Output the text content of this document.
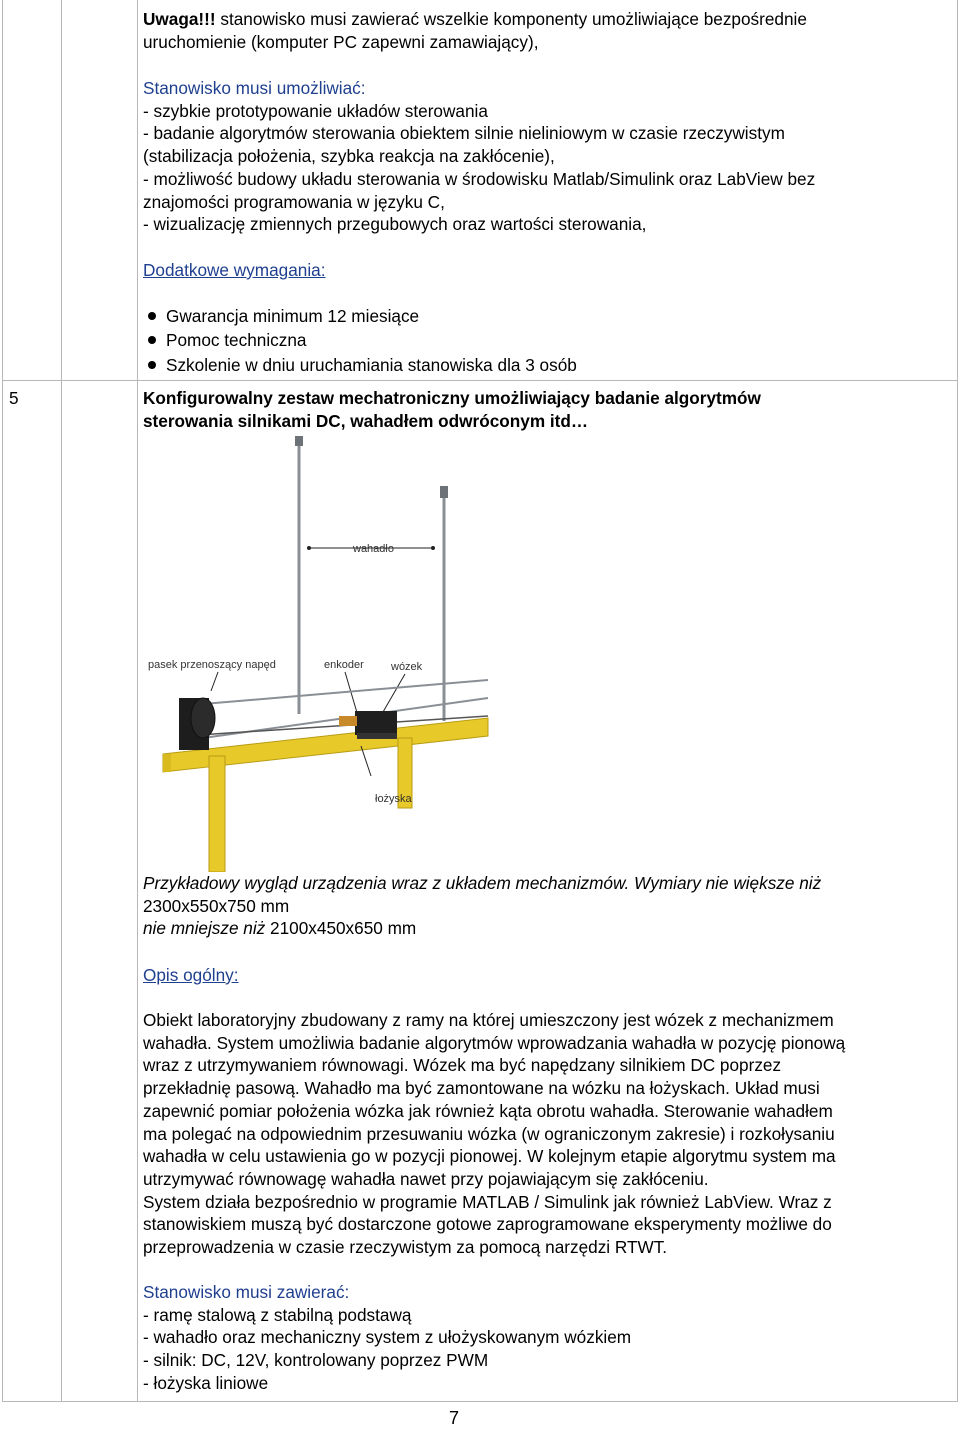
Uwaga!!! stanowisko musi zawierać wszelkie komponenty umożliwiające bezpośrednie
uruchomienie (komputer PC zapewni zamawiający),
Stanowisko musi umożliwiać:
- szybkie prototypowanie układów sterowania
- badanie algorytmów sterowania obiektem silnie nieliniowym w czasie rzeczywistym
(stabilizacja położenia, szybka reakcja na zakłócenie),
- możliwość budowy układu sterowania w środowisku Matlab/Simulink oraz LabView bez
znajomości programowania w języku C,
- wizualizację zmiennych przegubowych oraz wartości sterowania,
Dodatkowe wymagania:
Gwarancja minimum 12 miesiące
Pomoc techniczna
Szkolenie w dniu uruchamiania stanowiska dla 3 osób
5	Konfigurowalny zestaw mechatroniczny umożliwiający badanie algorytmów
sterowania silnikami DC, wahadłem odwróconym itd…
wahadło
pasek przenoszący napęd	enkoder wózek
łożyska
Przykładowy wygląd urządzenia wraz z układem mechanizmów. Wymiary nie większe niż
2300x550x750 mm
nie mniejsze niż 2100x450x650 mm
Opis ogólny:
Obiekt laboratoryjny zbudowany z ramy na której umieszczony jest wózek z mechanizmem
wahadła. System umożliwia badanie algorytmów wprowadzania wahadła w pozycję pionową
wraz z utrzymywaniem równowagi. Wózek ma być napędzany silnikiem DC poprzez
przekładnię pasową. Wahadło ma być zamontowane na wózku na łożyskach. Układ musi
zapewnić pomiar położenia wózka jak również kąta obrotu wahadła. Sterowanie wahadłem
ma polegać na odpowiednim przesuwaniu wózka (w ograniczonym zakresie) i rozkołysaniu
wahadła w celu ustawienia go w pozycji pionowej. W kolejnym etapie algorytmu system ma
utrzymywać równowagę wahadła nawet przy pojawiającym się zakłóceniu.
System działa bezpośrednio w programie MATLAB / Simulink jak również LabView. Wraz z
stanowiskiem muszą być dostarczone gotowe zaprogramowane eksperymenty możliwe do
przeprowadzenia w czasie rzeczywistym za pomocą narzędzi RTWT.
Stanowisko musi zawierać:
- ramę stalową z stabilną podstawą
- wahadło oraz mechaniczny system z ułożyskowanym wózkiem
- silnik: DC, 12V, kontrolowany poprzez PWM
- łożyska liniowe
7
